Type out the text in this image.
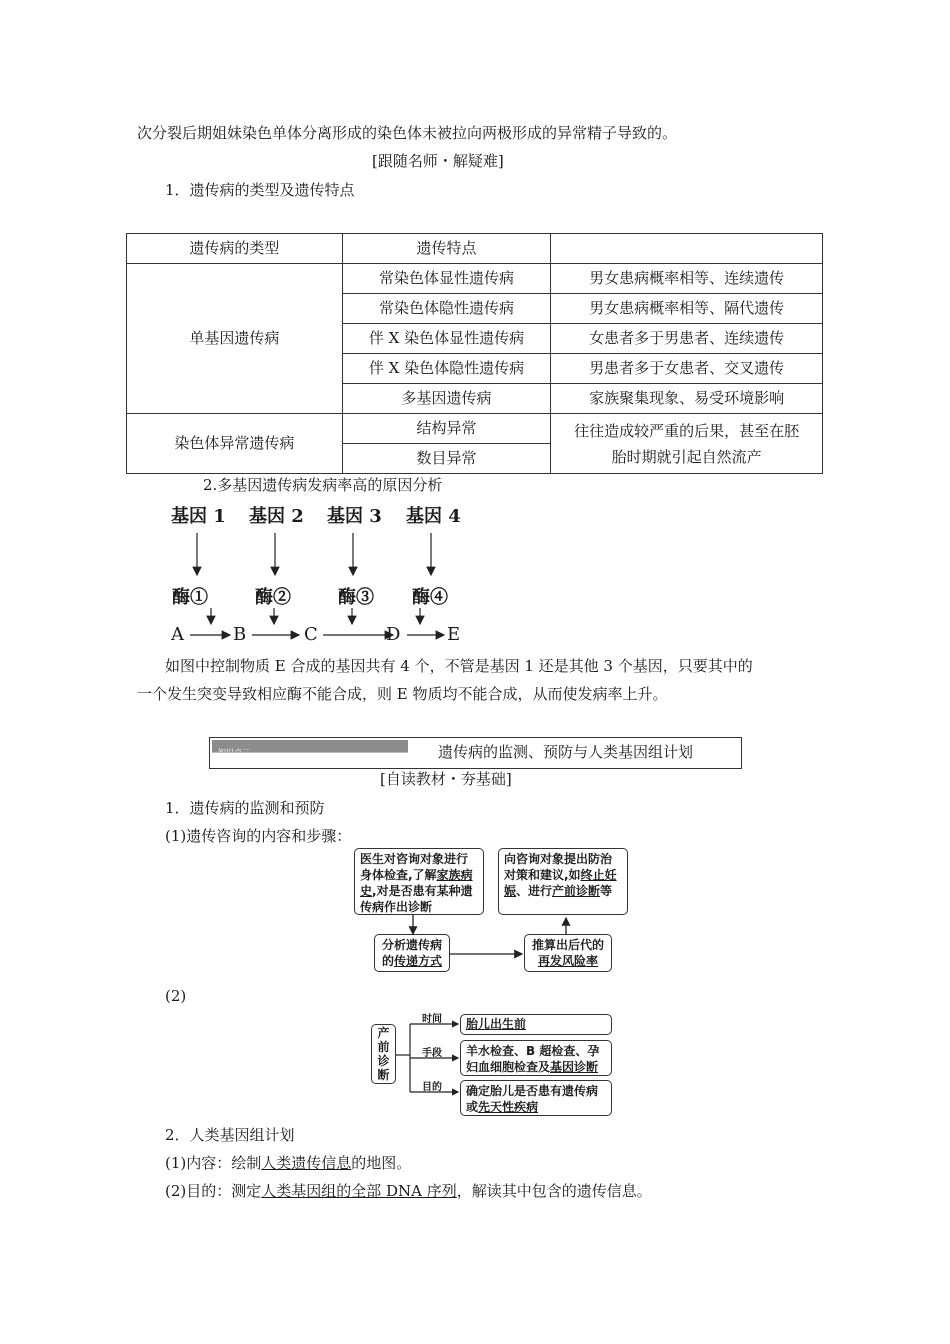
次分裂后期姐妹染色单体分离形成的染色体未被拉向两极形成的异常精子导致的。
[跟随名师・解疑难]
1．遗传病的类型及遗传特点
遗传病的类型	遗传特点	
单基因遗传病	常染色体显性遗传病	男女患病概率相等、连续遗传
	常染色体隐性遗传病	男女患病概率相等、隔代遗传
	伴 X 染色体显性遗传病	女患者多于男患者、连续遗传
	伴 X 染色体隐性遗传病	男患者多于女患者、交叉遗传
	多基因遗传病	家族聚集现象、易受环境影响
染色体异常遗传病	结构异常	往往造成较严重的后果，甚至在胚
胎时期就引起自然流产

	数目异常	
2.多基因遗传病发病率高的原因分析
基因 1 基因 2 基因 3 基因 4
酶①	酶②	酶③ 酶④
A	B	C	D	E
如图中控制物质 E 合成的基因共有 4 个，不管是基因 1 还是其他 3 个基因，只要其中的
一个发生突变导致相应酶不能合成，则 E 物质均不能合成，从而使发病率上升。
遗传病的监测、预防与人类基因组计划
[自读教材・夯基础]
1．遗传病的监测和预防
(1)遗传咨询的内容和步骤：
医生对咨询对象进行身体检查,了解家族病史,对是否患有某种遗传病作出诊断
向咨询对象提出防治对策和建议,如终止妊娠、进行产前诊断等
分析遗传病的传递方式
推算出后代的再发风险率
(2)
产
前
诊
断
时间
手段
目的
胎儿出生前
羊水检查、B 超检查、孕妇血细胞检查及基因诊断
确定胎儿是否患有遗传病或先天性疾病
2．人类基因组计划
(1)内容：绘制人类遗传信息的地图。
(2)目的：测定人类基因组的全部 DNA 序列，解读其中包含的遗传信息。
